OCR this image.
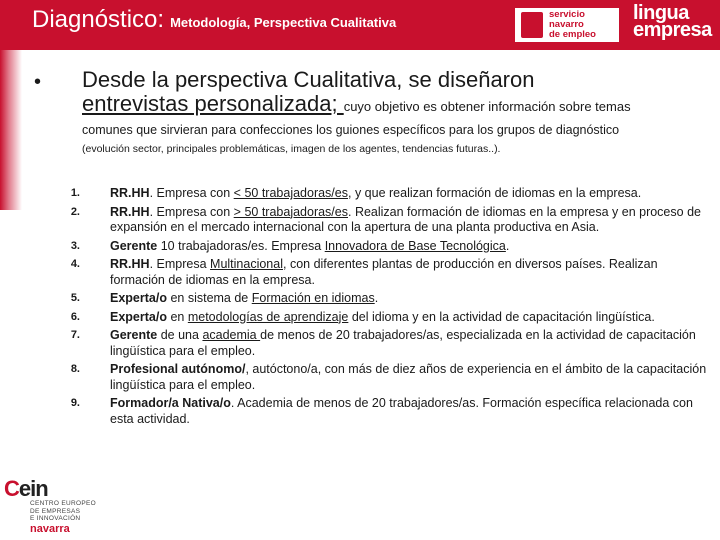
Diagnóstico: Metodología, Perspectiva Cualitativa
servicio
navarro
de empleo
lingua
empresa
• Desde la perspectiva Cualitativa, se diseñaron
entrevistas personalizada; cuyo objetivo es obtener información sobre temas
comunes que sirvieran para confecciones los guiones específicos para los grupos de diagnóstico
(evolución sector, principales problemáticas, imagen de los agentes, tendencias futuras..).
1.	RR.HH. Empresa con < 50 trabajadoras/es, y que realizan formación de idiomas en la empresa.
2.	RR.HH. Empresa con > 50 trabajadoras/es. Realizan formación de idiomas en la empresa y en proceso de expansión en el mercado internacional con la apertura de una planta productiva en Asia.
3.	Gerente 10 trabajadoras/es. Empresa Innovadora de Base Tecnológica.
4.	RR.HH. Empresa Multinacional, con diferentes plantas de producción en diversos países. Realizan formación de idiomas en la empresa.
5.	Experta/o en sistema de Formación en idiomas.
6.	Experta/o en metodologías de aprendizaje del idioma y en la actividad de capacitación lingüística.
7.	Gerente de una academia de menos de 20 trabajadores/as, especializada en la actividad de capacitación lingüística para el empleo.
8.	Profesional autónomo/, autóctono/a, con más de diez años de experiencia en el ámbito de la capacitación lingüística para el empleo.
9.	Formador/a Nativa/o. Academia de menos de 20 trabajadores/as. Formación específica relacionada con esta actividad.
Cein
CENTRO EUROPEO
DE EMPRESAS
E INNOVACIÓN
navarra
